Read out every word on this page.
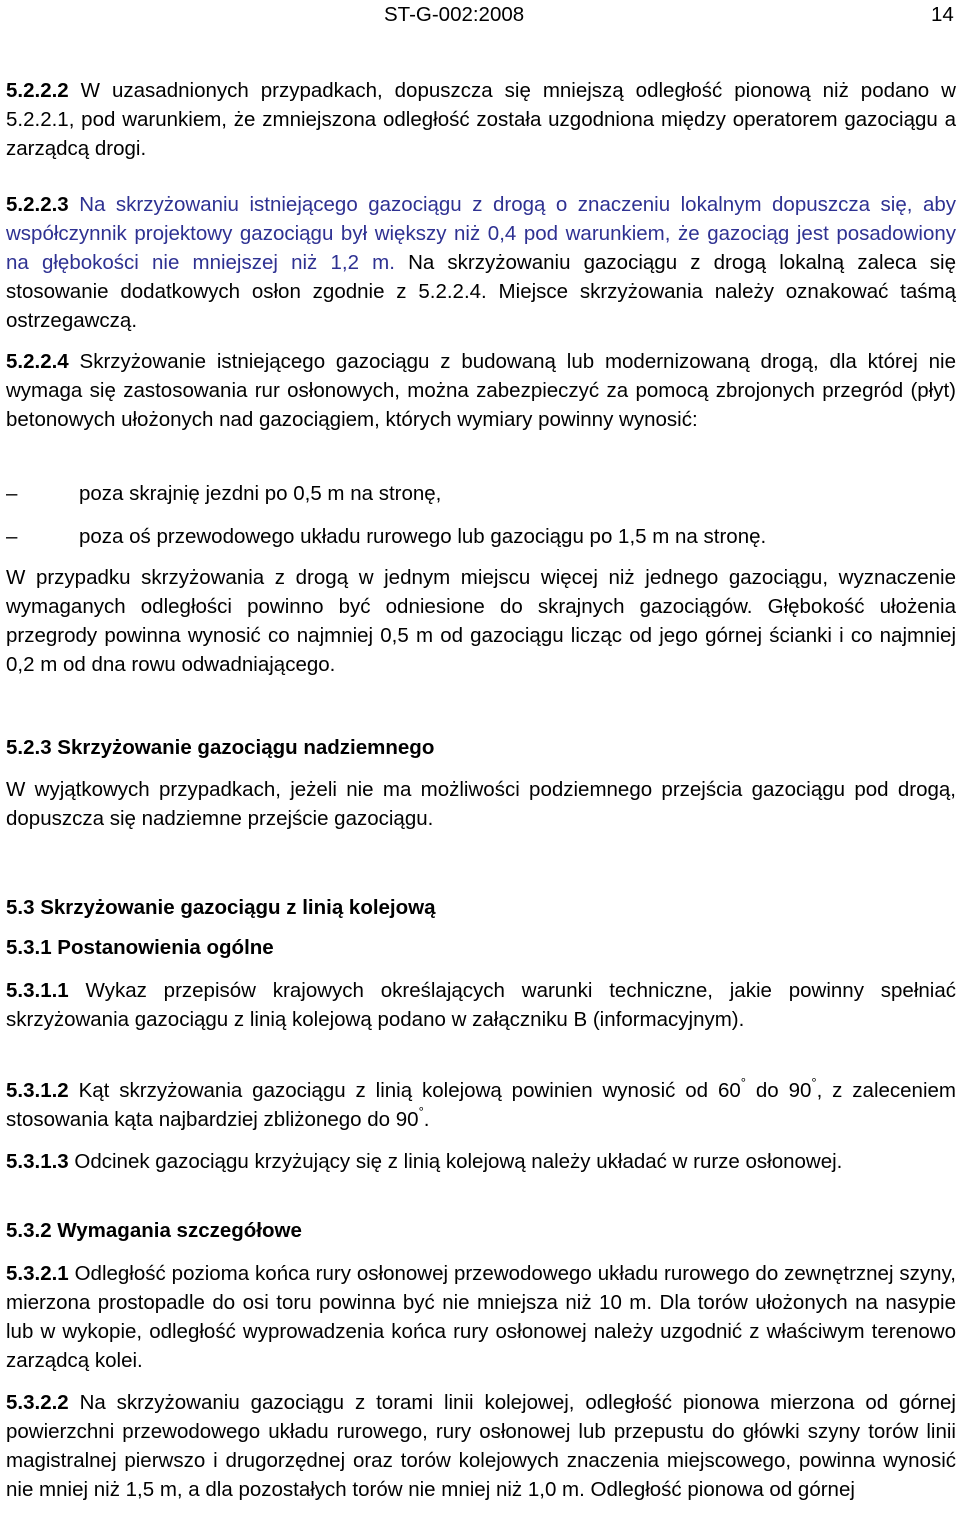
ST-G-002:2008	14

5.2.2.2 W uzasadnionych przypadkach, dopuszcza się mniejszą odległość pionową niż podano w 5.2.2.1, pod warunkiem, że zmniejszona odległość została uzgodniona między operatorem gazociągu a zarządcą drogi.

5.2.2.3 Na skrzyżowaniu istniejącego gazociągu z drogą o znaczeniu lokalnym dopuszcza się, aby współczynnik projektowy gazociągu był większy niż 0,4 pod warunkiem, że gazociąg jest posadowiony na głębokości nie mniejszej niż 1,2 m. Na skrzyżowaniu gazociągu z drogą lokalną zaleca się stosowanie dodatkowych osłon zgodnie z 5.2.2.4. Miejsce skrzyżowania należy oznakować taśmą ostrzegawczą.

5.2.2.4 Skrzyżowanie istniejącego gazociągu z budowaną lub modernizowaną drogą, dla której nie wymaga się zastosowania rur osłonowych, można zabezpieczyć za pomocą zbrojonych przegród (płyt) betonowych ułożonych nad gazociągiem, których wymiary powinny wynosić:

–	poza skrajnię jezdni po 0,5 m na stronę,
–	poza oś przewodowego układu rurowego lub gazociągu po 1,5 m na stronę.

W przypadku skrzyżowania z drogą w jednym miejscu więcej niż jednego gazociągu, wyznaczenie wymaganych odległości powinno być odniesione do skrajnych gazociągów. Głębokość ułożenia przegrody powinna wynosić co najmniej 0,5 m od gazociągu licząc od jego górnej ścianki i co najmniej 0,2 m od dna rowu odwadniającego.

5.2.3 Skrzyżowanie gazociągu nadziemnego

W wyjątkowych przypadkach, jeżeli nie ma możliwości podziemnego przejścia gazociągu pod drogą, dopuszcza się nadziemne przejście gazociągu.

5.3 Skrzyżowanie gazociągu z linią kolejową

5.3.1 Postanowienia ogólne

5.3.1.1 Wykaz przepisów krajowych określających warunki techniczne, jakie powinny spełniać skrzyżowania gazociągu z linią kolejową podano w załączniku B (informacyjnym).

5.3.1.2 Kąt skrzyżowania gazociągu z linią kolejową powinien wynosić od 60° do 90°, z zaleceniem stosowania kąta najbardziej zbliżonego do 90°.

5.3.1.3 Odcinek gazociągu krzyżujący się z linią kolejową należy układać w rurze osłonowej.

5.3.2 Wymagania szczegółowe

5.3.2.1 Odległość pozioma końca rury osłonowej przewodowego układu rurowego do zewnętrznej szyny, mierzona prostopadle do osi toru powinna być nie mniejsza niż 10 m. Dla torów ułożonych na nasypie lub w wykopie, odległość wyprowadzenia końca rury osłonowej należy uzgodnić z właściwym terenowo zarządcą kolei.

5.3.2.2 Na skrzyżowaniu gazociągu z torami linii kolejowej, odległość pionowa mierzona od górnej powierzchni przewodowego układu rurowego, rury osłonowej lub przepustu do główki szyny torów linii magistralnej pierwszo i drugorzędnej oraz torów kolejowych znaczenia miejscowego, powinna wynosić nie mniej niż 1,5 m, a dla pozostałych torów nie mniej niż 1,0 m. Odległość pionowa od górnej
